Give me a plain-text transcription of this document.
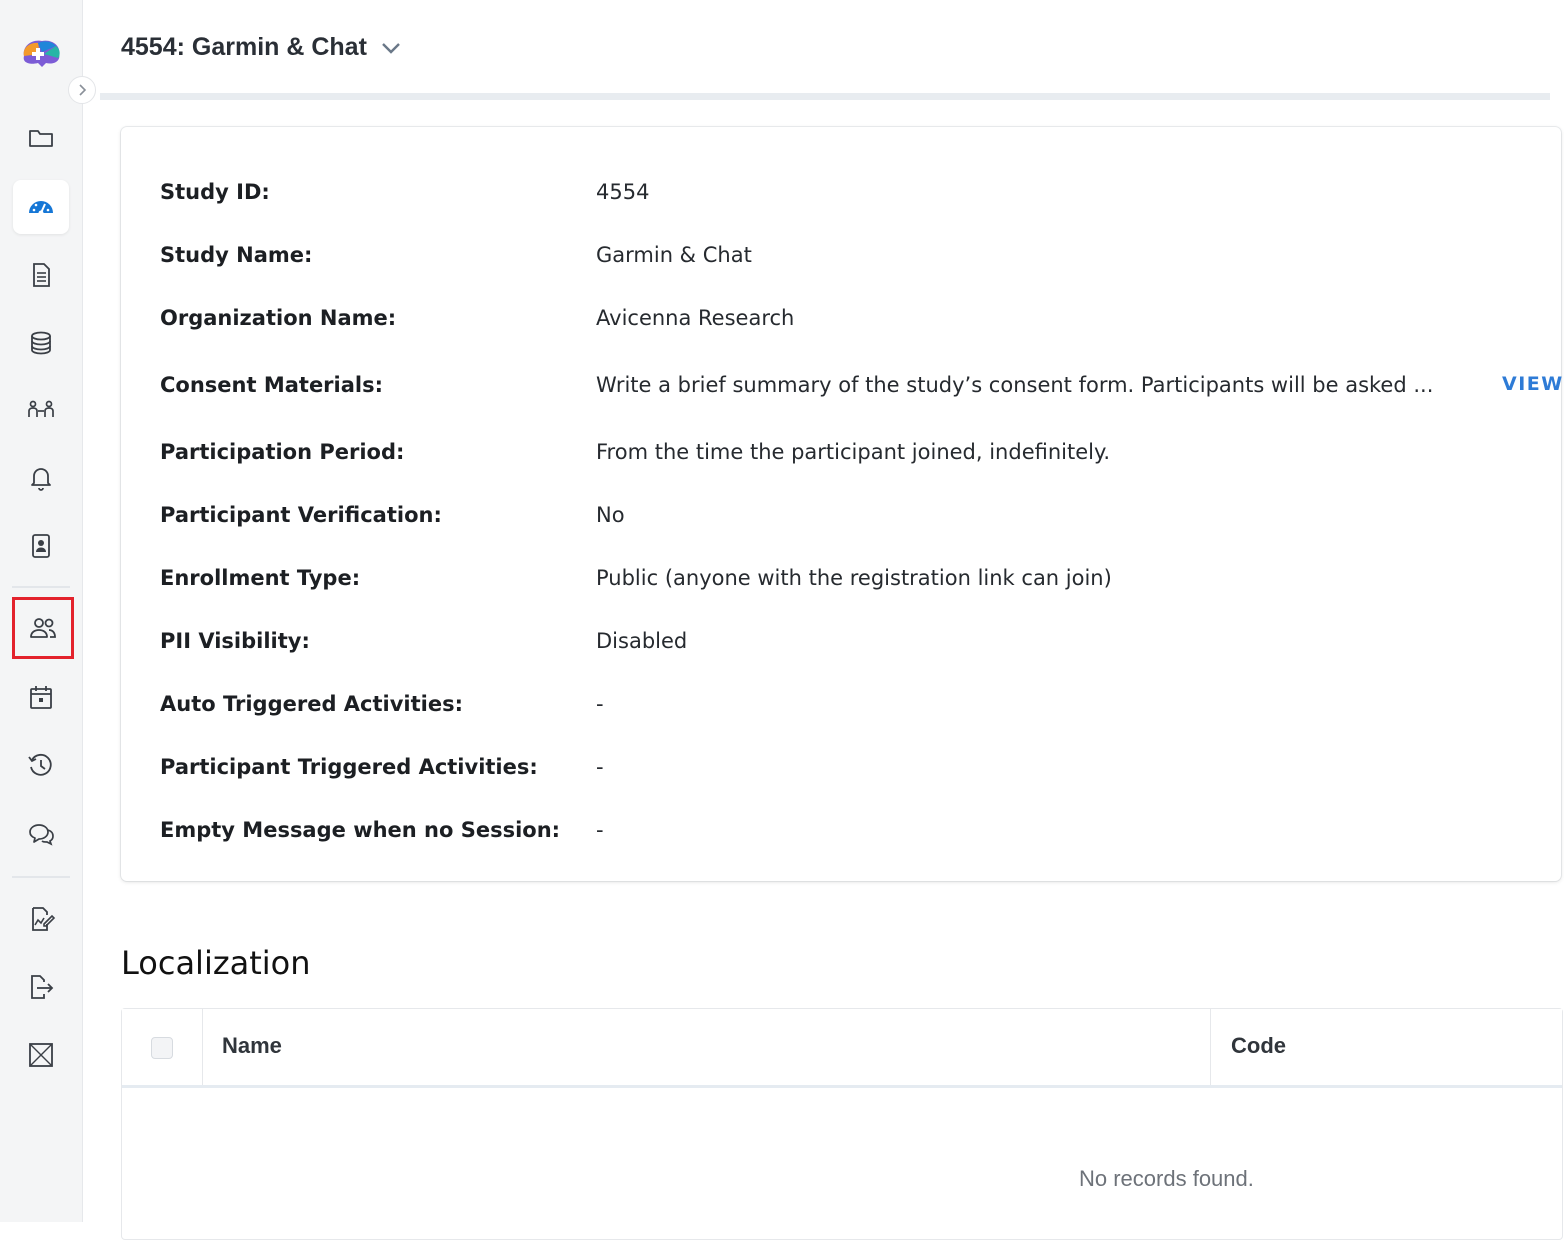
4554: Garmin & Chat
Study ID:	4554
Study Name:	Garmin & Chat
Organization Name:	Avicenna Research
Consent Materials:	Write a brief summary of the study’s consent form. Participants will be asked ...	VIEW
Participation Period:	From the time the participant joined, indefinitely.
Participant Verification:	No
Enrollment Type:	Public (anyone with the registration link can join)
PII Visibility:	Disabled
Auto Triggered Activities:	-
Participant Triggered Activities:	-
Empty Message when no Session: -
Localization
Name	Code
No records found.
